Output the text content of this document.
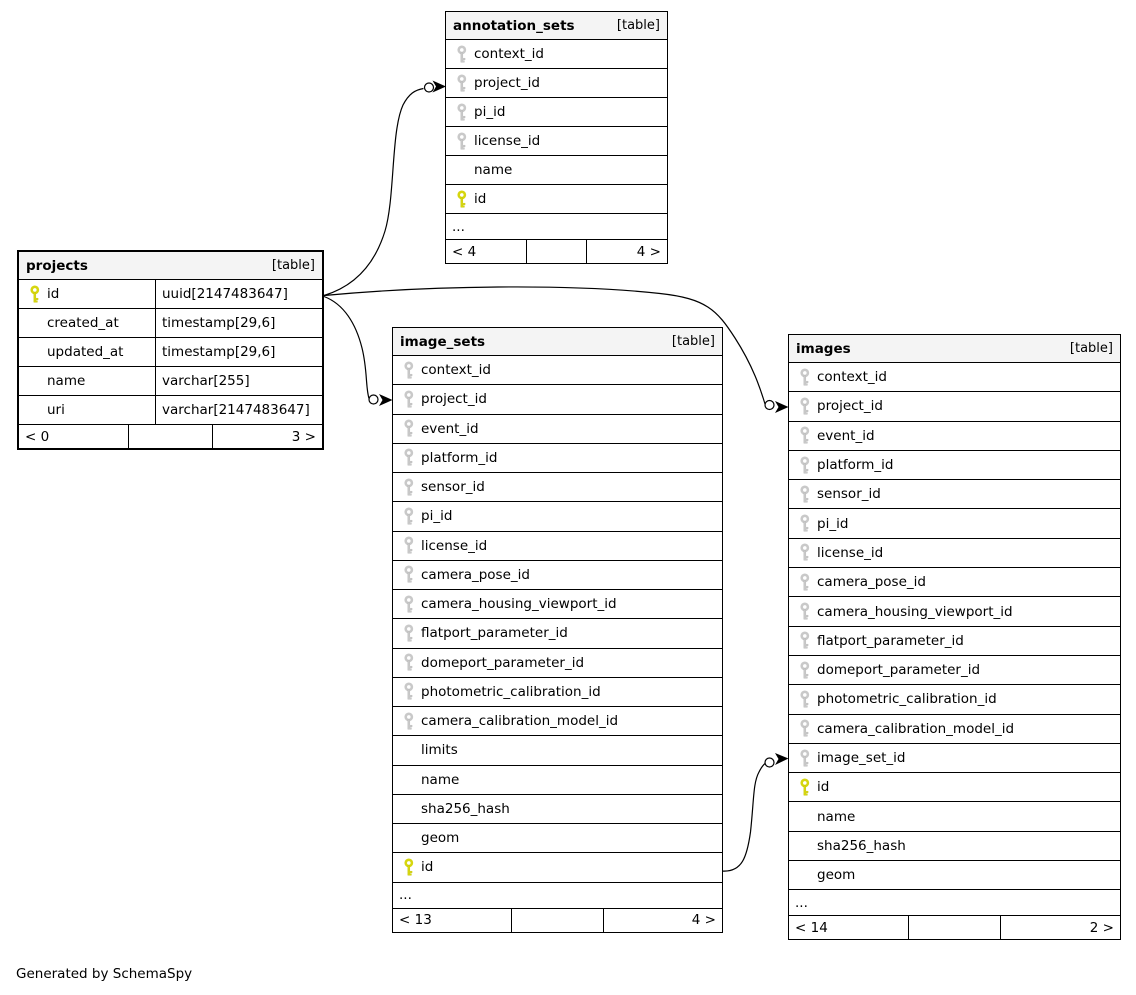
annotation_sets	[table]
context_id
project_id
pi_id
license_id
name
id
...
< 4	4 >
projects	[table]
id	uuid[2147483647]
created_at	timestamp[29,6]
updated_at	timestamp[29,6]
name	varchar[255]
uri	varchar[2147483647]
< 0	3 >
image_sets	[table]
context_id
project_id
event_id
platform_id
sensor_id
pi_id
license_id
camera_pose_id
camera_housing_viewport_id
flatport_parameter_id
domeport_parameter_id
photometric_calibration_id
camera_calibration_model_id
limits
name
sha256_hash
geom
id
...
< 13	4 >
images	[table]
context_id
project_id
event_id
platform_id
sensor_id
pi_id
license_id
camera_pose_id
camera_housing_viewport_id
flatport_parameter_id
domeport_parameter_id
photometric_calibration_id
camera_calibration_model_id
image_set_id
id
name
sha256_hash
geom
...
< 14	2 >
Generated by SchemaSpy
